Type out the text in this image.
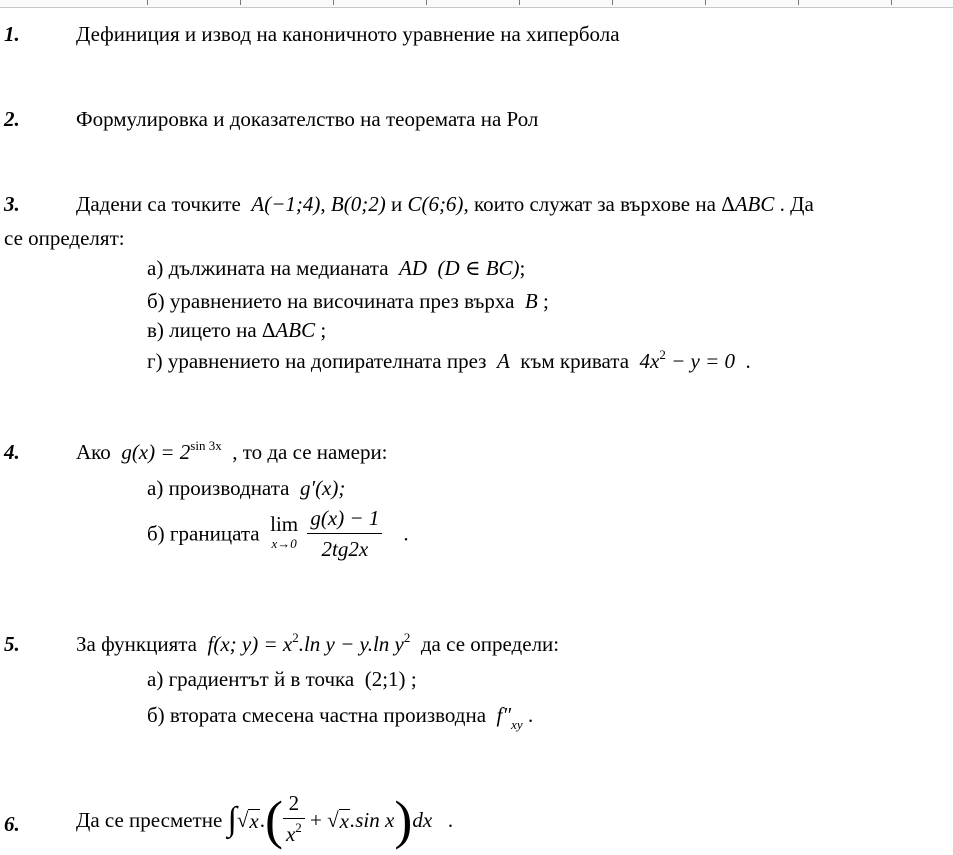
1.	Дефиниция и извод на каноничното уравнение на хипербола
2.	Формулировка и доказателство на теоремата на Рол
3.	Дадени са точките A(−1;4), B(0;2) и C(6;6), които служат за върхове на ΔABC . Да
се определят:
а) дължината на медианата AD (D ∈ BC);
б) уравнението на височината през върха B ;
в) лицето на ΔABC ;
г) уравнението на допирателната през A към кривата $4x^2 - y = 0$ .
4.	Ако $g(x) = 2^{sin 3x}$ , то да се намери:
а) производната g′(x);
б) границата lim
x→0
$\frac{g(x) - 1}{2tg2x}$ .
5.	За функцията f(x; $y) = x^2.\ln$ y − y.ln $y^2$ да се определи:
а) градиентът й в точка (2;1) ;
б) втората смесена частна производна $f''_{xy}$ .
6.	Да се пресметне
∫ √ x . ( $\frac{2}{x^2}$
+
√ x .sin x ) dx
.
